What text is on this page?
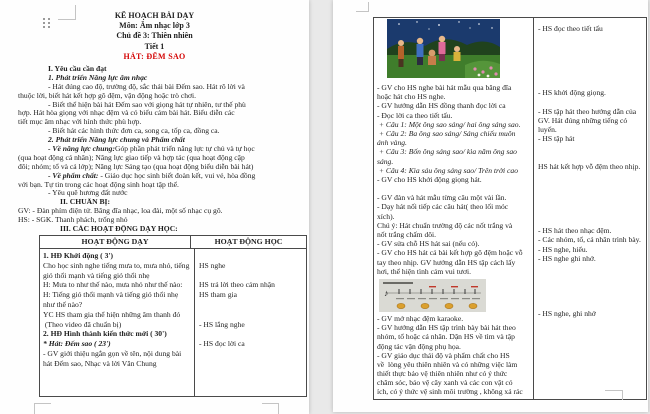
KẾ HOẠCH BÀI DẠY
Môn: Âm nhạc lớp 3
Chủ đề 3: Thiên nhiên
Tiết 1
HÁT: ĐẾM SAO
I. Yêu cầu cần đạt
1. Phát triển Năng lực âm nhạc
- Hát đúng cao độ, trường độ, sắc thái bài Đếm sao. Hát rõ lời và
thuộc lời, biết hát kết hợp gõ đệm, vận động hoặc trò chơi.
- Biết thể hiện bài hát Đếm sao với giọng hát tự nhiên, tư thế phù
hợp. Hát hòa giọng với nhạc đệm và có biểu cảm bài hát. Biểu diễn các
tiết mục âm nhạc với hình thức phù hợp.
- Biết hát các hình thức đơn ca, song ca, tốp ca, đồng ca.
2. Phát triển Năng lực chung và Phẩm chất
- Về năng lực chung:Góp phần phát triển năng lực tự chủ và tự học
(qua hoạt động cá nhân); Năng lực giao tiếp và hợp tác (qua hoạt động cặp
đôi; nhóm; tổ và cả lớp); Năng lực Sáng tạo (qua hoạt động biểu diễn bài hát)
- Về phẩm chất: - Giáo dục học sinh biết đoàn kết, vui vẻ, hòa đồng
với bạn. Tự tin trong các hoạt động sinh hoạt tập thể.
- Yêu quê hương đất nước
II. CHUẨN BỊ:
GV: - Đàn phím điện tử. Băng đĩa nhạc, loa đài, một số nhạc cụ gõ.
HS: - SGK. Thanh phách, trống nhỏ
III. CÁC HOẠT ĐỘNG DẠY HỌC:
HOẠT ĐỘNG DẠY	HOẠT ĐỘNG HỌC
1. HĐ Khởi động ( 3')
Cho học sinh nghe tiếng mưa to, mưa nhỏ, tiếng
gió thổi mạnh và tiếng gió thổi nhẹ
H: Mưa to như thế nào, mưa nhỏ như thế nào:
H: Tiếng gió thổi mạnh và tiếng gió thổi nhẹ
như thế nào?
YC HS tham gia thể hiện những âm thanh đó
(Theo video đã chuẩn bị)
2. HĐ Hình thành kiến thức mới ( 30')
* Hát: Đếm sao ( 23')
- GV giới thiệu ngắn gọn về tên, nội dung bài
hát Đếm sao, Nhạc và lời Văn Chung

HS nghe

HS trả lời theo cảm nhận
HS tham gia

- HS lắng nghe

- HS đọc lời ca
- GV cho HS nghe bài hát mẫu qua băng đĩa
hoặc hát cho HS nghe.
- GV hướng dẫn HS đồng thanh đọc lời ca
- Đọc lời ca theo tiết tấu.
+ Câu 1: Một ông sao sáng/ hai ông sáng sao.
+ Câu 2: Ba ông sao sáng/ Sáng chiếu muôn
ánh vàng.
+ Câu 3: Bốn ông sáng sao/ kìa năm ông sao
sáng.
+ Câu 4: Kìa sáu ông sáng sao/ Trên trời cao
- GV cho HS khởi động giọng hát.

- GV đàn và hát mẫu từng câu một vài lần.
- Dạy hát nối tiếp các câu hát( theo lối móc
xích).
Chú ý: Hát chuẩn trường độ các nốt trắng và
nốt trắng chấm dôi.
- GV sửa chỗ HS hát sai (nếu có).
- GV cho HS hát cả bài kết hợp gõ đệm hoặc vỗ
tay theo nhịp. GV hướng dẫn HS tập cách lấy
hơi, thể hiện tình cảm vui tươi.
♪
- GV mở nhạc đệm karaoke.
- GV hướng dẫn HS tập trình bày bài hát theo
nhóm, tổ hoặc cá nhân. Dặn HS về tìm và tập
động tác vận động phụ họa.
- GV giáo dục thái độ và phẩm chất cho HS
về  lòng yêu thiên nhiên và có những việc làm
thiết thực bảo vệ thiên nhiên như có ý thức
chăm sóc, bảo vệ cây xanh và các con vật có
ích, có ý thức vệ sinh môi trường , không xả rác
- HS đọc theo tiết tấu

- HS khởi động giọng.

- HS tập hát theo hướng dẫn của
GV. Hát đúng những tiếng có
luyến.
- HS tập hát

HS hát kết hợp vỗ đệm theo nhịp.

- HS hát theo nhạc đệm.
- Các nhóm, tổ, cá nhân trình bày.
- HS nghe, hiểu.
- HS nghe ghi nhớ.

- HS nghe, ghi nhớ
